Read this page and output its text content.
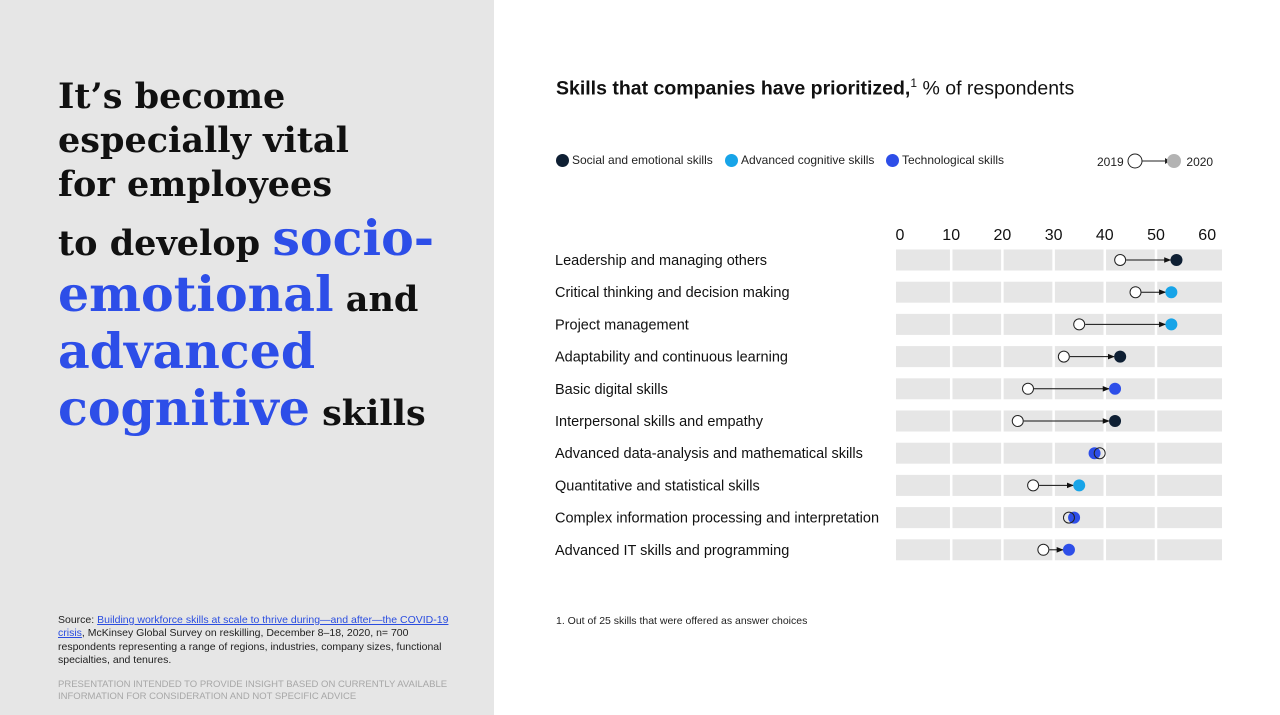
It’s become
especially vital
for employees
to develop socio-
emotional and
advanced
cognitive skills
Source: Building workforce skills at scale to thrive during—and after—the COVID-19 crisis, McKinsey Global Survey on reskilling, December 8–18, 2020, n= 700 respondents representing a range of regions, industries, company sizes, functional specialties, and tenures.
PRESENTATION INTENDED TO PROVIDE INSIGHT BASED ON CURRENTLY AVAILABLE INFORMATION FOR CONSIDERATION AND NOT SPECIFIC ADVICE
Skills that companies have prioritized,$^1$ % of respondents
Social and emotional skills	Advanced cognitive skills	Technological skills	2019	2020
0 10 20 30 40 50 60
Leadership and managing others
Critical thinking and decision making
Project management
Adaptability and continuous learning
Basic digital skills
Interpersonal skills and empathy
Advanced data-analysis and mathematical skills
Quantitative and statistical skills
Complex information processing and interpretation
Advanced IT skills and programming
1. Out of 25 skills that were offered as answer choices
